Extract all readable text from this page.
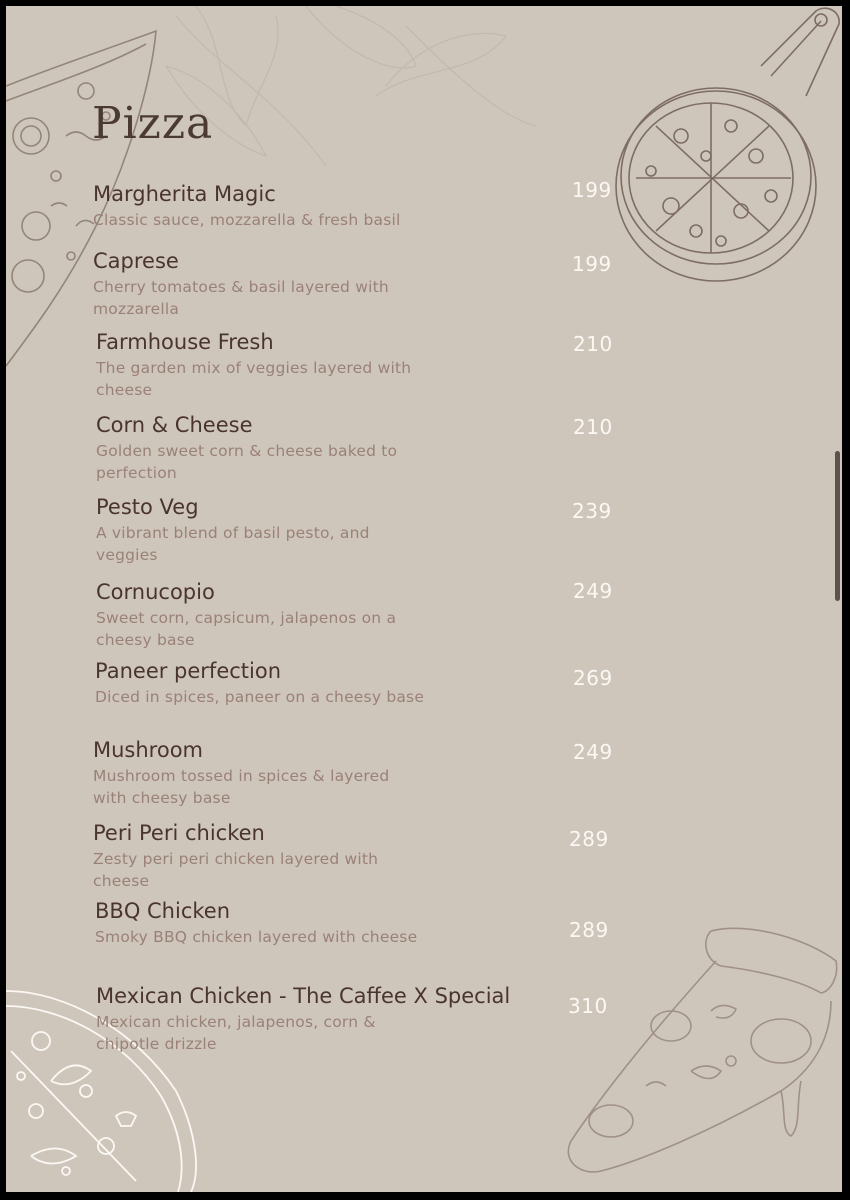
Pizza
Margherita Magic
Classic sauce, mozzarella & fresh basil
199
Caprese
Cherry tomatoes & basil layered with mozzarella
199
Farmhouse Fresh
The garden mix of veggies layered with cheese
210
Corn & Cheese
Golden sweet corn & cheese baked to perfection
210
Pesto Veg
A vibrant blend of basil pesto, and veggies
239
Cornucopio
Sweet corn, capsicum, jalapenos on a cheesy base
249
Paneer perfection
Diced in spices, paneer on a cheesy base
269
Mushroom
Mushroom tossed in spices & layered with cheesy base
249
Peri Peri chicken
Zesty peri peri chicken layered with cheese
289
BBQ Chicken
Smoky BBQ chicken layered with cheese	289
Mexican Chicken - The Caffee X Special
Mexican chicken, jalapenos, corn & chipotle drizzle
310
